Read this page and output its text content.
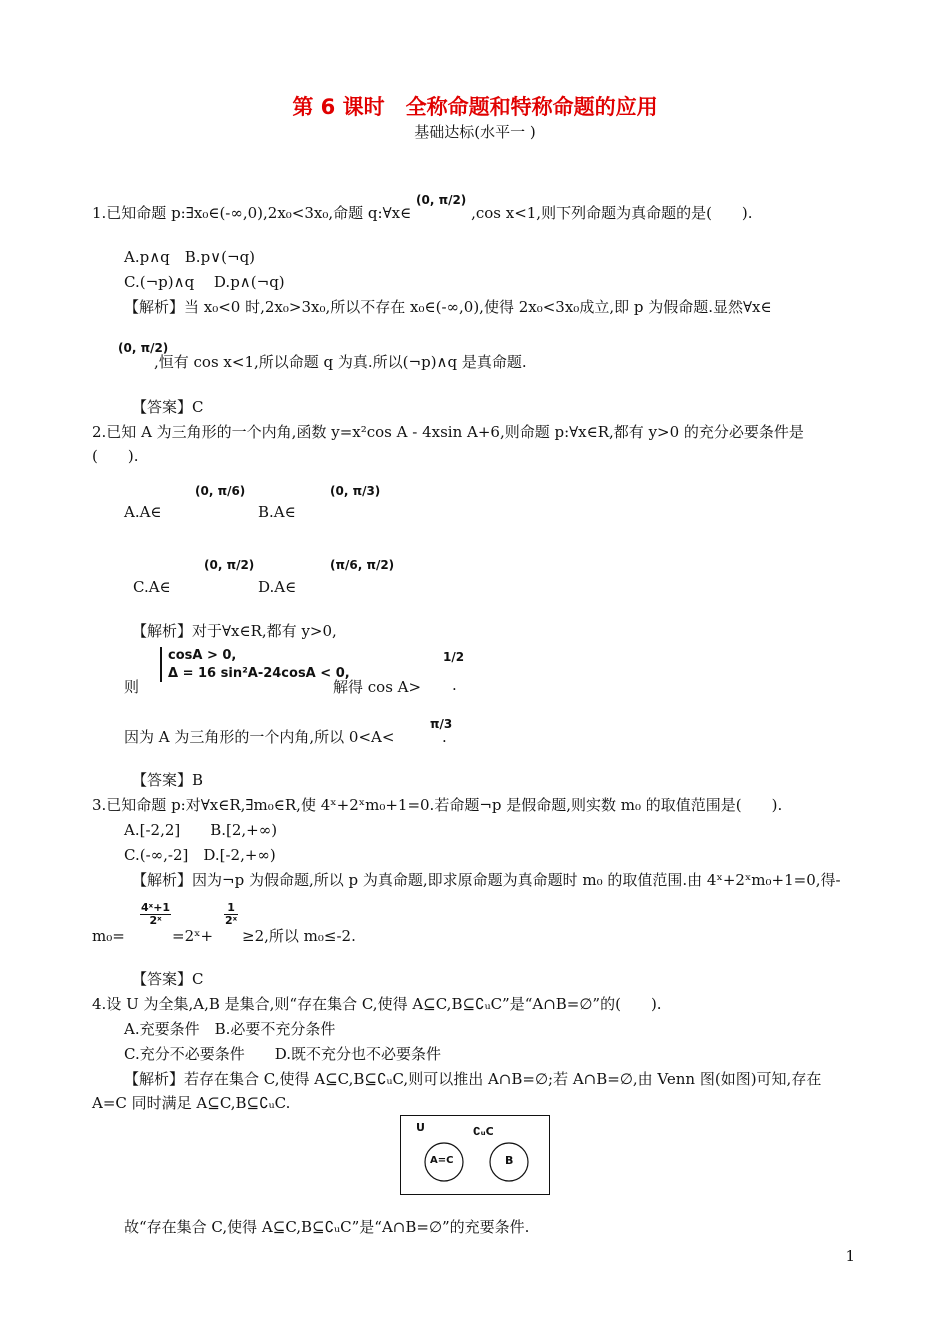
第 6 课时　全称命题和特称命题的应用
基础达标(水平一 )
1.已知命题 p:∃x₀∈(-∞,0),2x₀<3x₀,命题 q:∀x∈ $^{(0, \pi/2)}$ ,cos x<1,则下列命题为真命题的是(　　).
A.p∧q　B.p∨(¬q)
C.(¬p)∧q　 D.p∧(¬q)
【解析】当 x₀<0 时,2x₀>3x₀,所以不存在 x₀∈(-∞,0),使得 2x₀<3x₀成立,即 p 为假命题.显然∀x∈
(0, π/2)
,恒有 cos x<1,所以命题 q 为真.所以(¬p)∧q 是真命题.
【答案】C
2.已知 A 为三角形的一个内角,函数 y=x²cos A - 4xsin A+6,则命题 p:∀x∈R,都有 y>0 的充分必要条件是
(　　).
A.A∈
(0, π/6)
B.A∈
(0, π/3)
C.A∈
(0, π/2)
D.A∈
(π/6, π/2)
【解析】对于∀x∈R,都有 y>0,
则
cosA > 0,
Δ = 16 sin²A-24cosA < 0,
解得 cos A>
1/2
.
因为 A 为三角形的一个内角,所以 0<A<
π/3
.
【答案】B
3.已知命题 p:对∀x∈R,∃m₀∈R,使 4ˣ+2ˣm₀+1=0.若命题¬p 是假命题,则实数 m₀ 的取值范围是(　　).
A.[-2,2]　　B.[2,+∞)
C.(-∞,-2]　D.[-2,+∞)
【解析】因为¬p 为假命题,所以 p 为真命题,即求原命题为真命题时 m₀ 的取值范围.由 4ˣ+2ˣm₀+1=0,得-
m₀=
$\frac{\text{4ˣ+1}}{\text{2ˣ}}$
=2ˣ+
$\frac{1}{\text{2ˣ}}$
≥2,所以 m₀≤-2.
【答案】C
4.设 U 为全集,A,B 是集合,则“存在集合 C,使得 A⊆C,B⊆∁ᵤC”是“A∩B=∅”的(　　).
A.充要条件　B.必要不充分条件
C.充分不必要条件　　D.既不充分也不必要条件
【解析】若存在集合 C,使得 A⊆C,B⊆∁ᵤC,则可以推出 A∩B=∅;若 A∩B=∅,由 Venn 图(如图)可知,存在
A=C 同时满足 A⊆C,B⊆∁ᵤC.
U	∁ᵤC
A=C	B
故“存在集合 C,使得 A⊆C,B⊆∁ᵤC”是“A∩B=∅”的充要条件.
1
